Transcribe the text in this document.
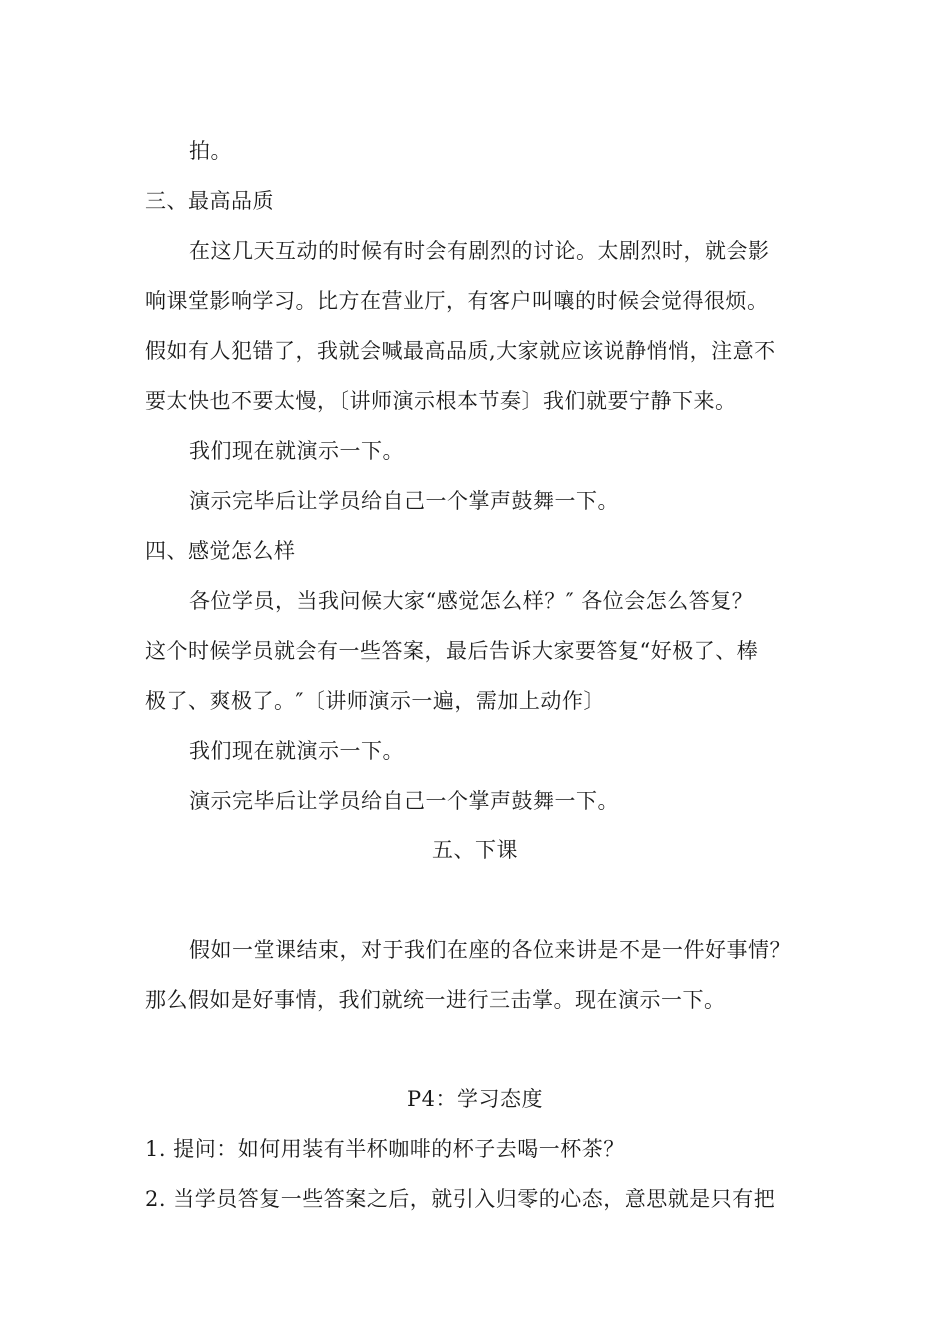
拍。
三、最高品质
在这几天互动的时候有时会有剧烈的讨论。太剧烈时，就会影
响课堂影响学习。比方在营业厅，有客户叫嚷的时候会觉得很烦。
假如有人犯错了，我就会喊最高品质,大家就应该说静悄悄，注意不
要太快也不要太慢，〔讲师演示根本节奏〕我们就要宁静下来。
我们现在就演示一下。
演示完毕后让学员给自己一个掌声鼓舞一下。
四、感觉怎么样
各位学员，当我问候大家“感觉怎么样？″ 各位会怎么答复？
这个时候学员就会有一些答案，最后告诉大家要答复“好极了、棒
极了、爽极了。″〔讲师演示一遍，需加上动作〕
我们现在就演示一下。
演示完毕后让学员给自己一个掌声鼓舞一下。
五、下课
假如一堂课结束，对于我们在座的各位来讲是不是一件好事情？
那么假如是好事情，我们就统一进行三击掌。现在演示一下。
P4：学习态度
1. 提问：如何用装有半杯咖啡的杯子去喝一杯茶？
2. 当学员答复一些答案之后，就引入归零的心态，意思就是只有把
